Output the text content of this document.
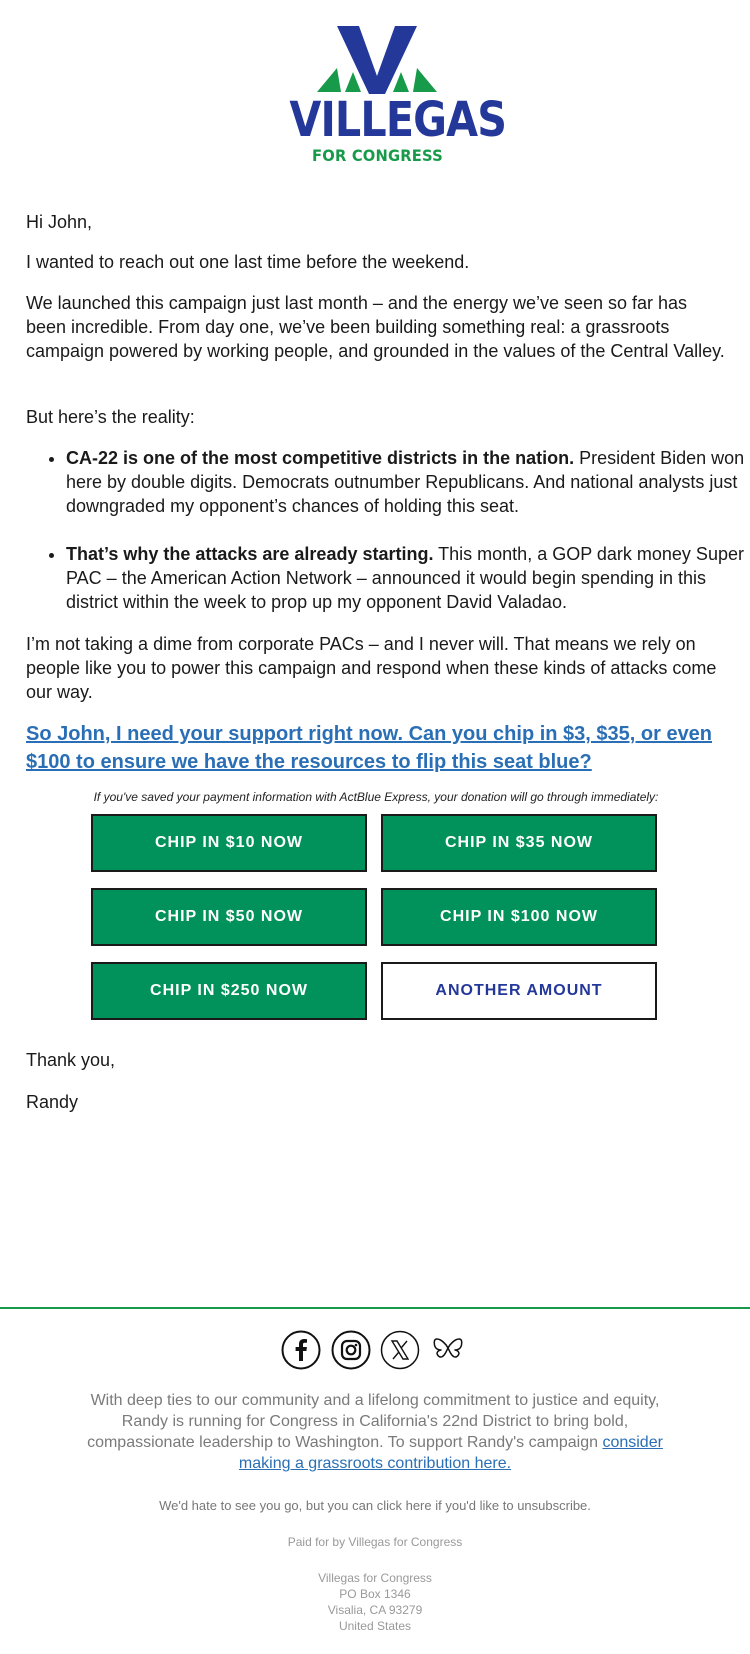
VILLEGAS
FOR CONGRESS

Hi John,

I wanted to reach out one last time before the weekend.

We launched this campaign just last month – and the energy we’ve seen so far has been incredible. From day one, we’ve been building something real: a grassroots campaign powered by working people, and grounded in the values of the Central Valley.

But here’s the reality:

• CA-22 is one of the most competitive districts in the nation. President Biden won here by double digits. Democrats outnumber Republicans. And national analysts just downgraded my opponent’s chances of holding this seat.
• That’s why the attacks are already starting. This month, a GOP dark money Super PAC – the American Action Network – announced it would begin spending in this district within the week to prop up my opponent David Valadao.

I’m not taking a dime from corporate PACs – and I never will. That means we rely on people like you to power this campaign and respond when these kinds of attacks come our way.

So John, I need your support right now. Can you chip in $3, $35, or even $100 to ensure we have the resources to flip this seat blue?
If you've saved your payment information with ActBlue Express, your donation will go through immediately:
CHIP IN $10 NOW	CHIP IN $35 NOW
CHIP IN $50 NOW	CHIP IN $100 NOW
CHIP IN $250 NOW	ANOTHER AMOUNT

Thank you,

Randy

With deep ties to our community and a lifelong commitment to justice and equity, Randy is running for Congress in California's 22nd District to bring bold, compassionate leadership to Washington. To support Randy's campaign consider making a grassroots contribution here.
We'd hate to see you go, but you can click here if you'd like to unsubscribe.
Paid for by Villegas for Congress
Villegas for Congress
PO Box 1346
Visalia, CA 93279
United States
